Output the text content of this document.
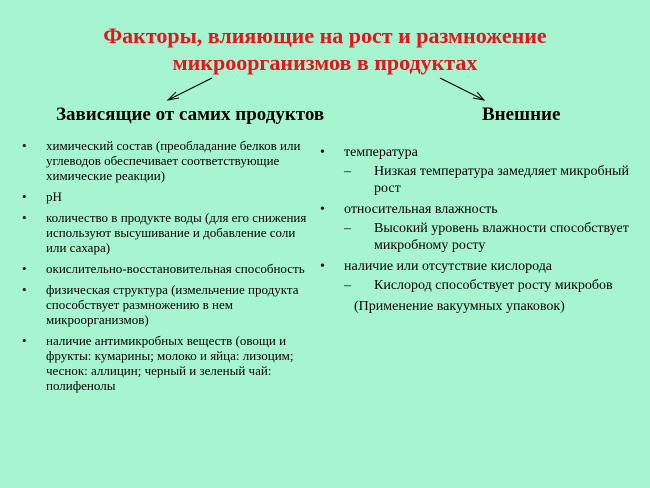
Факторы, влияющие на рост и размножение
микроорганизмов в продуктах
Зависящие от самих продуктов	Внешние
• химический состав (преобладание белков или углеводов обеспечивает соответствующие химические реакции)
• pH
• количество в продукте воды (для его снижения используют высушивание и добавление соли или сахара)
• окислительно-восстановительная способность
• физическая структура (измельчение продукта способствует размножению в нем микроорганизмов)
• наличие антимикробных веществ (овощи и фрукты: кумарины; молоко и яйца: лизоцим; чеснок: аллицин; черный и зеленый чай: полифенолы
• температура
– Низкая температура замедляет микробный рост
• относительная влажность
– Высокий уровень влажности способствует микробному росту
• наличие или отсутствие кислорода
– Кислород способствует росту микробов
(Применение вакуумных упаковок)
